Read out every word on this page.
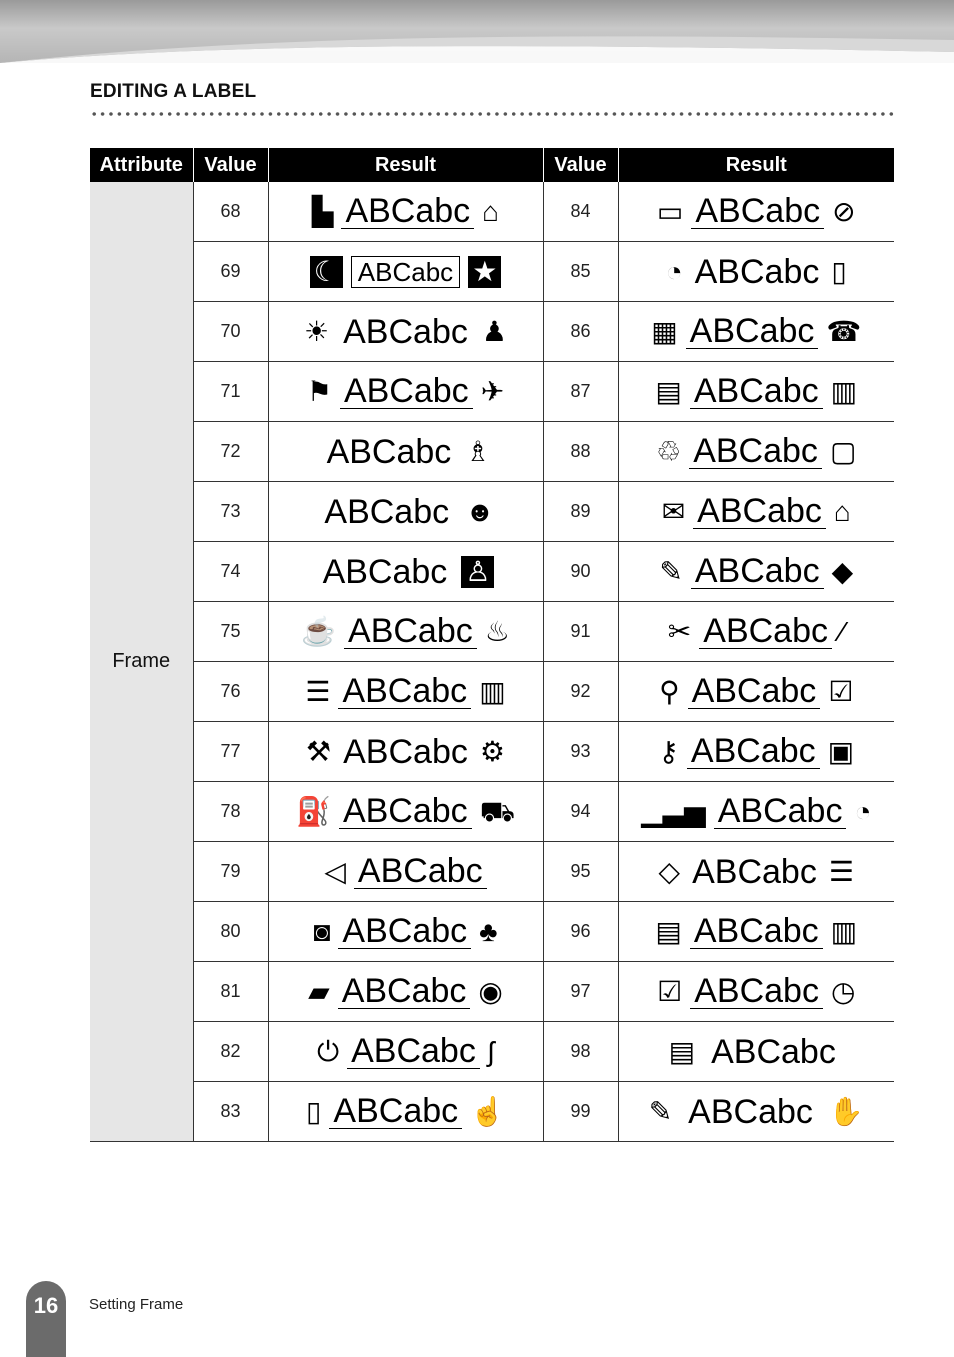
EDITING A LABEL
Attribute	Value	Result	Value	Result
Frame	68	▙ ABCabc ⌂	84	▭ ABCabc ⊘

	69	☾ ABCabc ★	85	◔ ABCabc ▯

	70	☀ ABCabc ♟	86	▦ ABCabc ☎

	71	⚑ ABCabc ✈	87	▤ ABCabc ▥

	72	ABCabc ♗	88	♲ ABCabc ▢

	73	ABCabc ☻	89	✉ ABCabc ⌂

	74	ABCabc ♙	90	✎ ABCabc ◆

	75	☕ ABCabc ♨	91	✂ ABCabc ⁄

	76	☰ ABCabc ▥	92	⚲ ABCabc ☑

	77	⚒ ABCabc ⚙	93	⚷ ABCabc ▣

	78	⛽ ABCabc ⛟	94	▁▃▅ ABCabc ◔

	79	◁ ABCabc	95	◇ ABCabc ☰

	80	◙ ABCabc ♣	96	▤ ABCabc ▥

	81	▰ ABCabc ◉	97	☑ ABCabc ◷

	82	⏻ ABCabc ʃ	98	▤ ABCabc

	83	▯ ABCabc ☝	99	✎ ABCabc ✋
16	Setting Frame
